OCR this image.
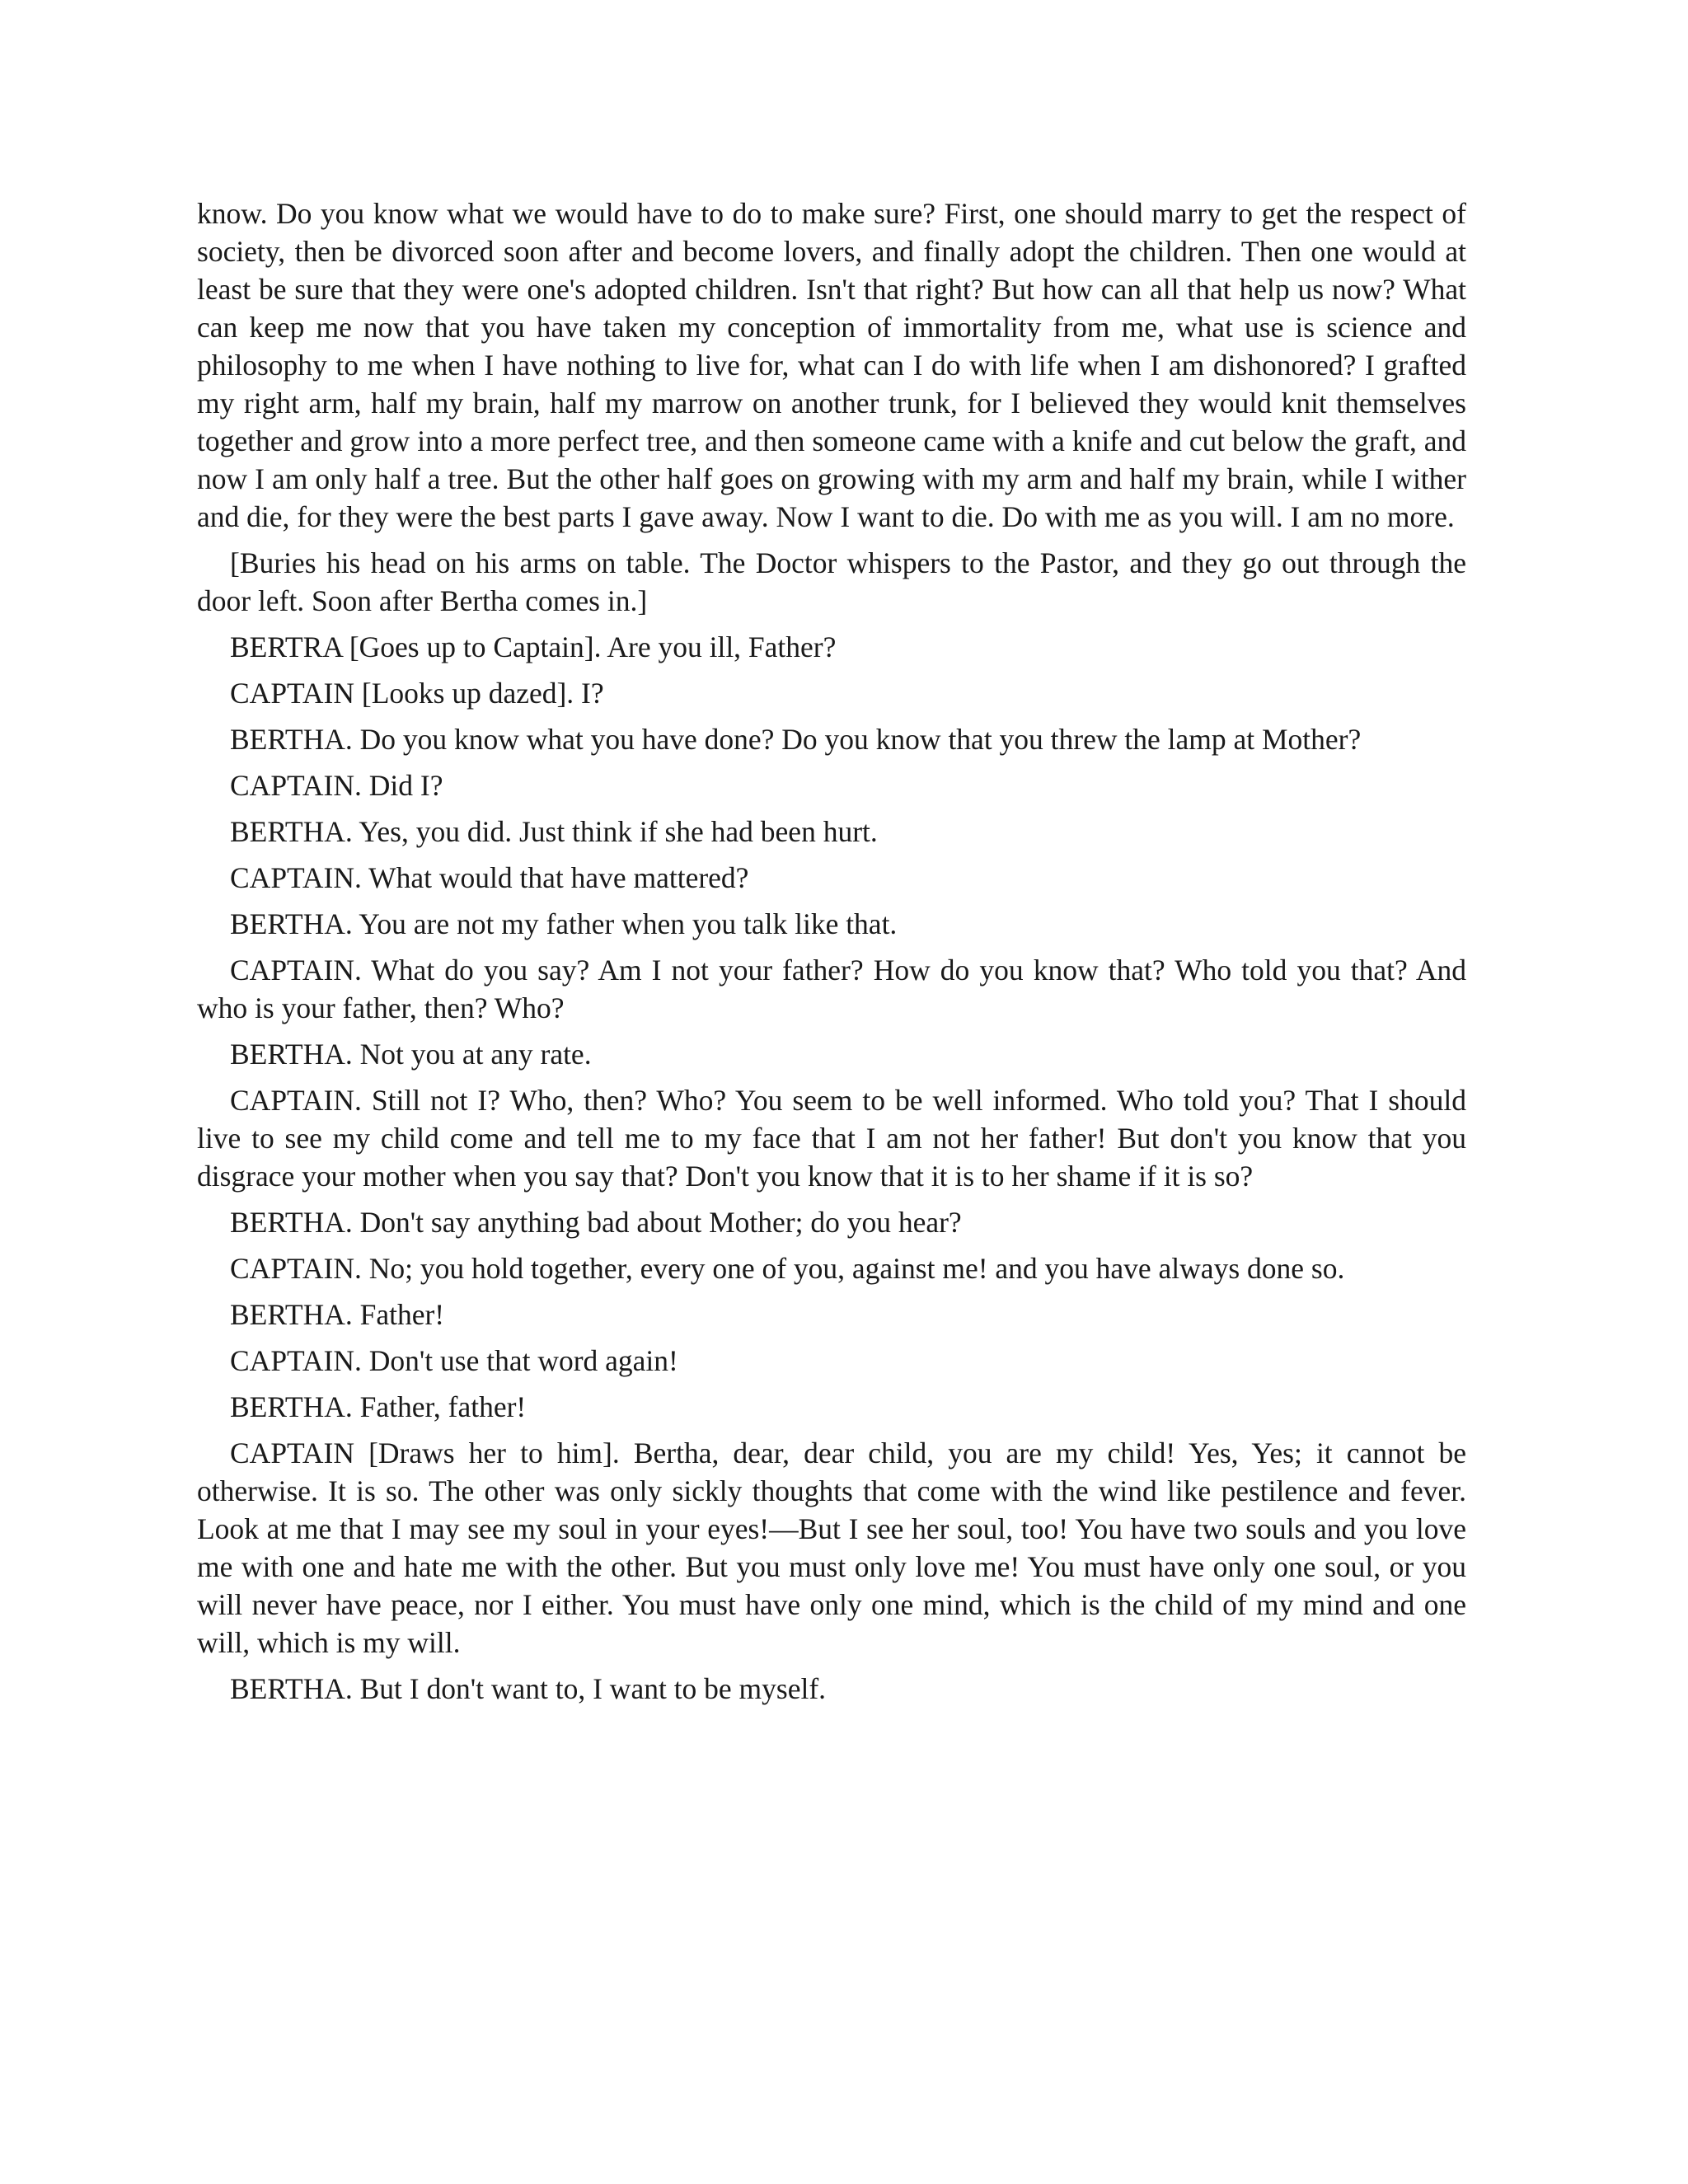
know. Do you know what we would have to do to make sure? First, one should marry to get the respect of society, then be divorced soon after and become lovers, and finally adopt the children. Then one would at least be sure that they were one's adopted children. Isn't that right? But how can all that help us now? What can keep me now that you have taken my conception of immortality from me, what use is science and philosophy to me when I have nothing to live for, what can I do with life when I am dishonored? I grafted my right arm, half my brain, half my marrow on another trunk, for I believed they would knit themselves together and grow into a more perfect tree, and then someone came with a knife and cut below the graft, and now I am only half a tree. But the other half goes on growing with my arm and half my brain, while I wither and die, for they were the best parts I gave away. Now I want to die. Do with me as you will. I am no more.

[Buries his head on his arms on table. The Doctor whispers to the Pastor, and they go out through the door left. Soon after Bertha comes in.]

BERTRA [Goes up to Captain]. Are you ill, Father?

CAPTAIN [Looks up dazed]. I?

BERTHA. Do you know what you have done? Do you know that you threw the lamp at Mother?

CAPTAIN. Did I?

BERTHA. Yes, you did. Just think if she had been hurt.

CAPTAIN. What would that have mattered?

BERTHA. You are not my father when you talk like that.

CAPTAIN. What do you say? Am I not your father? How do you know that? Who told you that? And who is your father, then? Who?

BERTHA. Not you at any rate.

CAPTAIN. Still not I? Who, then? Who? You seem to be well informed. Who told you? That I should live to see my child come and tell me to my face that I am not her father! But don't you know that you disgrace your mother when you say that? Don't you know that it is to her shame if it is so?

BERTHA. Don't say anything bad about Mother; do you hear?

CAPTAIN. No; you hold together, every one of you, against me! and you have always done so.

BERTHA. Father!

CAPTAIN. Don't use that word again!

BERTHA. Father, father!

CAPTAIN [Draws her to him]. Bertha, dear, dear child, you are my child! Yes, Yes; it cannot be otherwise. It is so. The other was only sickly thoughts that come with the wind like pestilence and fever. Look at me that I may see my soul in your eyes!—But I see her soul, too! You have two souls and you love me with one and hate me with the other. But you must only love me! You must have only one soul, or you will never have peace, nor I either. You must have only one mind, which is the child of my mind and one will, which is my will.

BERTHA. But I don't want to, I want to be myself.
